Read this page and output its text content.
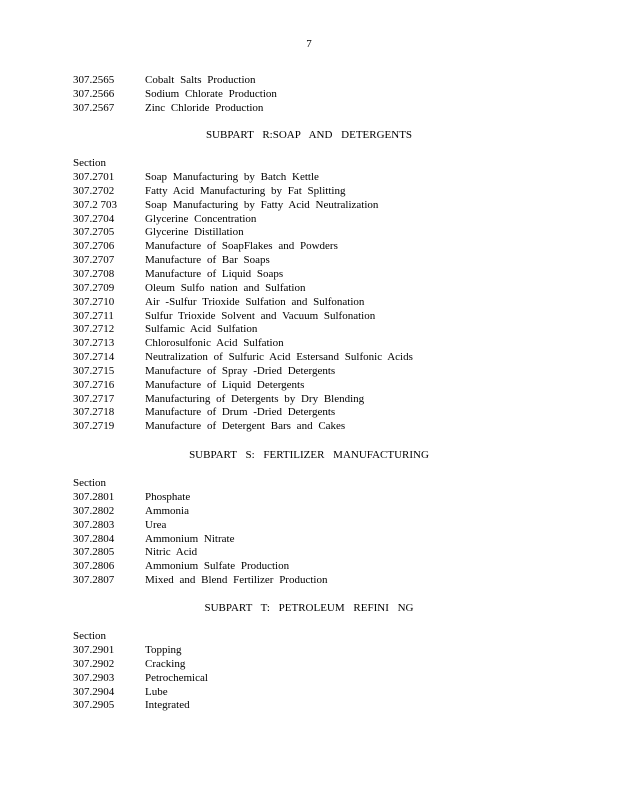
7
307.2565	Cobalt Salts Production
307.2566	Sodium Chlorate Production
307.2567	Zinc Chloride Production
SUBPART R:SOAP AND DETERGENTS
Section
307.2701	Soap Manufacturing by Batch Kettle
307.2702	Fatty Acid Manufacturing by Fat Splitting
307.2 703	Soap Manufacturing by Fatty Acid Neutralization
307.2704	Glycerine Concentration
307.2705	Glycerine Distillation
307.2706	Manufacture of SoapFlakes and Powders
307.2707	Manufacture of Bar Soaps
307.2708	Manufacture of Liquid Soaps
307.2709	Oleum Sulfo nation and Sulfation
307.2710	Air -Sulfur Trioxide Sulfation and Sulfonation
307.2711	Sulfur Trioxide Solvent and Vacuum Sulfonation
307.2712	Sulfamic Acid Sulfation
307.2713	Chlorosulfonic Acid Sulfation
307.2714	Neutralization of Sulfuric Acid Estersand Sulfonic Acids
307.2715	Manufacture of Spray -Dried Detergents
307.2716	Manufacture of Liquid Detergents
307.2717	Manufacturing of Detergents by Dry Blending
307.2718	Manufacture of Drum -Dried Detergents
307.2719	Manufacture of Detergent Bars and Cakes
SUBPART S: FERTILIZER MANUFACTURING
Section
307.2801	Phosphate
307.2802	Ammonia
307.2803	Urea
307.2804	Ammonium Nitrate
307.2805	Nitric Acid
307.2806	Ammonium Sulfate Production
307.2807	Mixed and Blend Fertilizer Production
SUBPART T: PETROLEUM REFINI NG
Section
307.2901	Topping
307.2902	Cracking
307.2903	Petrochemical
307.2904	Lube
307.2905	Integrated
